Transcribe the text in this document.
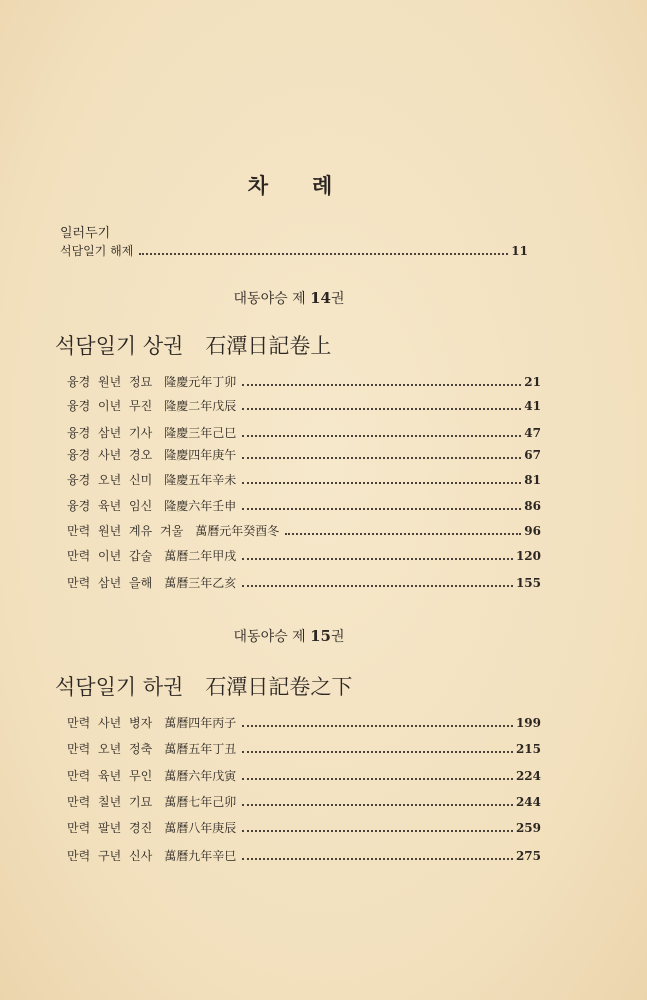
차 례
일러두기
석담일기 해제	11
대동야승 제 14권
석담일기 상권 石潭日記卷上
융경 원년 정묘 隆慶元年丁卯	21
융경 이년 무진 隆慶二年戊辰	41
융경 삼년 기사 隆慶三年己巳	47
융경 사년 경오 隆慶四年庚午	67
융경 오년 신미 隆慶五年辛未	81
융경 육년 임신 隆慶六年壬申	86
만력 원년 계유 겨울 萬曆元年癸酉冬	96
만력 이년 갑술 萬曆二年甲戌	120
만력 삼년 을해 萬曆三年乙亥	155
대동야승 제 15권
석담일기 하권 石潭日記卷之下
만력 사년 병자 萬曆四年丙子	199
만력 오년 정축 萬曆五年丁丑	215
만력 육년 무인 萬曆六年戊寅	224
만력 칠년 기묘 萬曆七年己卯	244
만력 팔년 경진 萬曆八年庚辰	259
만력 구년 신사 萬曆九年辛巳	275
